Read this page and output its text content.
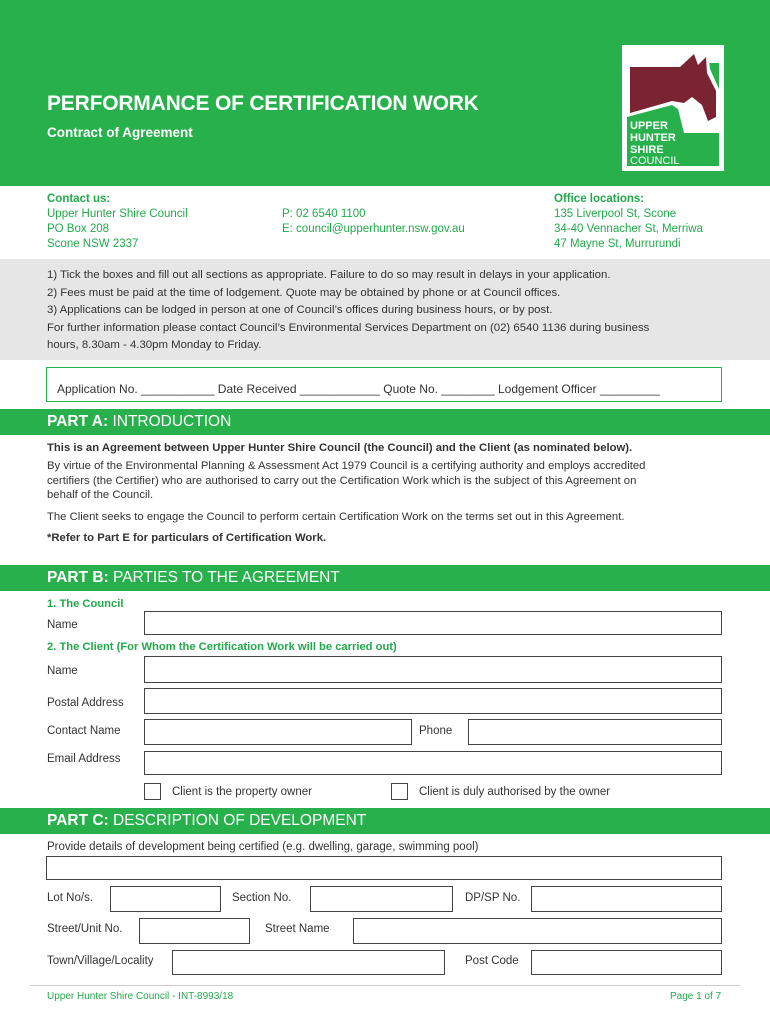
PERFORMANCE OF CERTIFICATION WORK
Contract of Agreement	UPPER
HUNTER
SHIRE
COUNCIL
Contact us:
Upper Hunter Shire Council
PO Box 208
Scone NSW 2337
P: 02 6540 1100
E: council@upperhunter.nsw.gov.au
Office locations:
135 Liverpool St, Scone
34-40 Vennacher St, Merriwa
47 Mayne St, Murrurundi
1) Tick the boxes and fill out all sections as appropriate. Failure to do so may result in delays in your application.
2) Fees must be paid at the time of lodgement. Quote may be obtained by phone or at Council offices.
3) Applications can be lodged in person at one of Council’s offices during business hours, or by post.
For further information please contact Council’s Environmental Services Department on (02) 6540 1136 during business
hours, 8.30am - 4.30pm Monday to Friday.
Application No. ___________ Date Received ____________ Quote No. ________ Lodgement Officer _________
PART A: INTRODUCTION
This is an Agreement between Upper Hunter Shire Council (the Council) and the Client (as nominated below).
By virtue of the Environmental Planning & Assessment Act 1979 Council is a certifying authority and employs accredited
certifiers (the Certifier) who are authorised to carry out the Certification Work which is the subject of this Agreement on
behalf of the Council.
The Client seeks to engage the Council to perform certain Certification Work on the terms set out in this Agreement.
*Refer to Part E for particulars of Certification Work.
PART B: PARTIES TO THE AGREEMENT
1. The Council
Name
2. The Client (For Whom the Certification Work will be carried out)
Name
Postal Address
Contact Name	Phone
Email Address
Client is the property owner	Client is duly authorised by the owner
PART C: DESCRIPTION OF DEVELOPMENT
Provide details of development being certified (e.g. dwelling, garage, swimming pool)
Lot No/s.	Section No.	DP/SP No.
Street/Unit No.	Street Name
Town/Village/Locality	Post Code
Upper Hunter Shire Council - INT-8993/18	Page 1 of 7
